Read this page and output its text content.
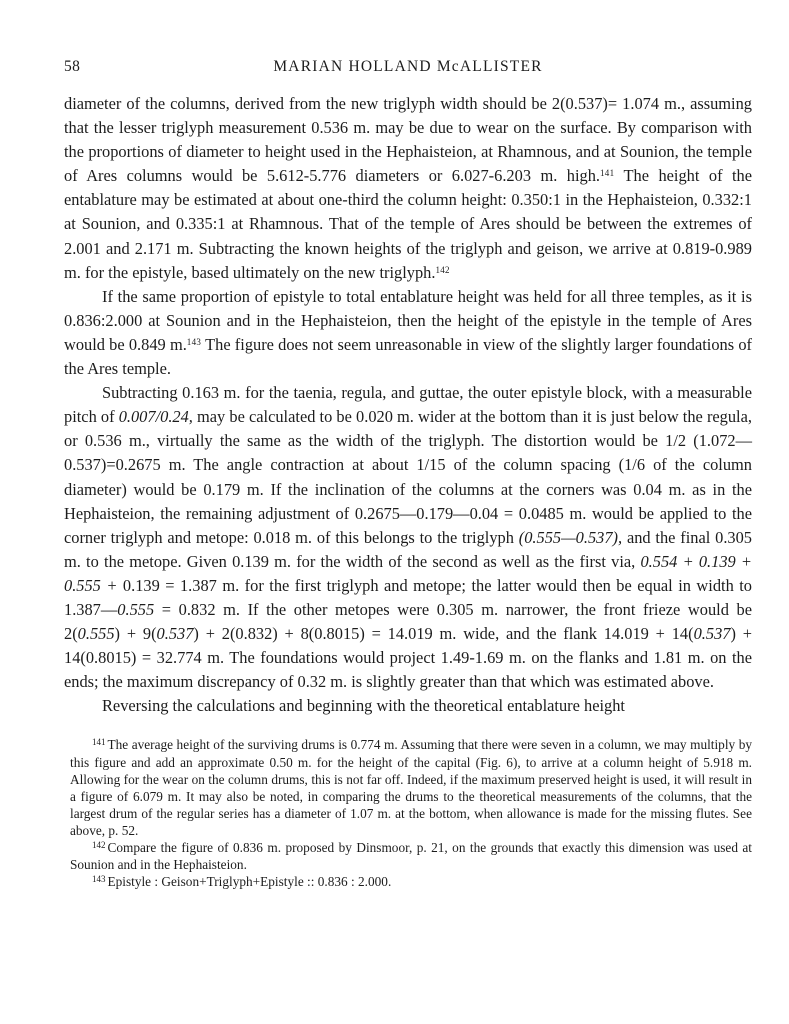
58	MARIAN HOLLAND McALLISTER

diameter of the columns, derived from the new triglyph width should be 2(0.537)= 1.074 m., assuming that the lesser triglyph measurement 0.536 m. may be due to wear on the surface. By comparison with the proportions of diameter to height used in the Hephaisteion, at Rhamnous, and at Sounion, the temple of Ares columns would be 5.612-5.776 diameters or 6.027-6.203 m. high.$^{141}$ The height of the entablature may be estimated at about one-third the column height: 0.350:1 in the Hephaisteion, 0.332:1 at Sounion, and 0.335:1 at Rhamnous. That of the temple of Ares should be between the extremes of 2.001 and 2.171 m. Subtracting the known heights of the triglyph and geison, we arrive at 0.819-0.989 m. for the epistyle, based ultimately on the new triglyph.$^{142}$

If the same proportion of epistyle to total entablature height was held for all three temples, as it is 0.836:2.000 at Sounion and in the Hephaisteion, then the height of the epistyle in the temple of Ares would be 0.849 m.$^{143}$ The figure does not seem unreasonable in view of the slightly larger foundations of the Ares temple.

Subtracting 0.163 m. for the taenia, regula, and guttae, the outer epistyle block, with a measurable pitch of 0.007/0.24, may be calculated to be 0.020 m. wider at the bottom than it is just below the regula, or 0.536 m., virtually the same as the width of the triglyph. The distortion would be 1/2 (1.072—0.537)=0.2675 m. The angle contraction at about 1/15 of the column spacing (1/6 of the column diameter) would be 0.179 m. If the inclination of the columns at the corners was 0.04 m. as in the Hephaisteion, the remaining adjustment of 0.2675—0.179—0.04 = 0.0485 m. would be applied to the corner triglyph and metope: 0.018 m. of this belongs to the triglyph (0.555—0.537), and the final 0.305 m. to the metope. Given 0.139 m. for the width of the second as well as the first via, 0.554 + 0.139 + 0.555 + 0.139 = 1.387 m. for the first triglyph and metope; the latter would then be equal in width to 1.387—0.555 = 0.832 m. If the other metopes were 0.305 m. narrower, the front frieze would be 2(0.555) + 9(0.537) + 2(0.832) + 8(0.8015) = 14.019 m. wide, and the flank 14.019 + 14(0.537) + 14(0.8015) = 32.774 m. The foundations would project 1.49-1.69 m. on the flanks and 1.81 m. on the ends; the maximum discrepancy of 0.32 m. is slightly greater than that which was estimated above.

Reversing the calculations and beginning with the theoretical entablature height

$^{141}$ The average height of the surviving drums is 0.774 m. Assuming that there were seven in a column, we may multiply by this figure and add an approximate 0.50 m. for the height of the capital (Fig. 6), to arrive at a column height of 5.918 m. Allowing for the wear on the column drums, this is not far off. Indeed, if the maximum preserved height is used, it will result in a figure of 6.079 m. It may also be noted, in comparing the drums to the theoretical measurements of the columns, that the largest drum of the regular series has a diameter of 1.07 m. at the bottom, when allowance is made for the missing flutes. See above, p. 52.

$^{142}$ Compare the figure of 0.836 m. proposed by Dinsmoor, p. 21, on the grounds that exactly this dimension was used at Sounion and in the Hephaisteion.

$^{143}$ Epistyle : Geison+Triglyph+Epistyle :: 0.836 : 2.000.
